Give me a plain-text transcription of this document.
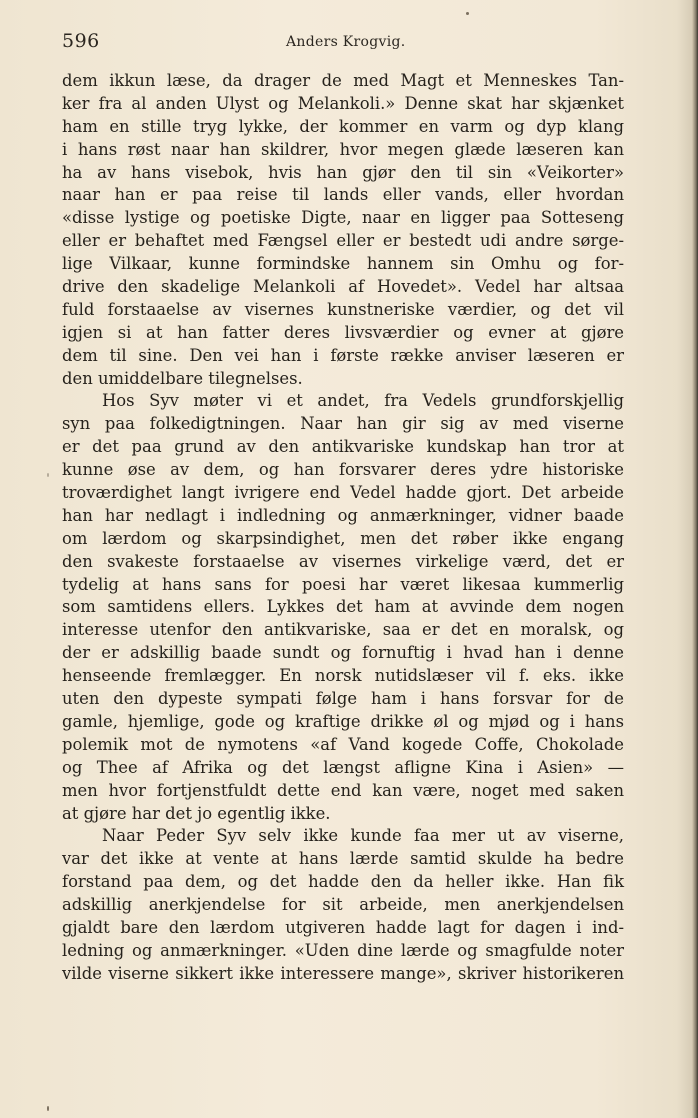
596	Anders Krogvig.
dem ikkun læse, da drager de med Magt et Menneskes Tan-
ker fra al anden Ulyst og Melankoli.» Denne skat har skjænket
ham en stille tryg lykke, der kommer en varm og dyp klang
i hans røst naar han skildrer, hvor megen glæde læseren kan
ha av hans visebok, hvis han gjør den til sin «Veikorter»
naar han er paa reise til lands eller vands, eller hvordan
«disse lystige og poetiske Digte, naar en ligger paa Sotteseng
eller er behaftet med Fængsel eller er bestedt udi andre sørge-
lige Vilkaar, kunne formindske hannem sin Omhu og for-
drive den skadelige Melankoli af Hovedet». Vedel har altsaa
fuld forstaaelse av visernes kunstneriske værdier, og det vil
igjen si at han fatter deres livsværdier og evner at gjøre
dem til sine. Den vei han i første række anviser læseren er
den umiddelbare tilegnelses.
Hos Syv møter vi et andet, fra Vedels grundforskjellig
syn paa folkedigtningen. Naar han gir sig av med viserne
er det paa grund av den antikvariske kundskap han tror at
kunne øse av dem, og han forsvarer deres ydre historiske
troværdighet langt ivrigere end Vedel hadde gjort. Det arbeide
han har nedlagt i indledning og anmærkninger, vidner baade
om lærdom og skarpsindighet, men det røber ikke engang
den svakeste forstaaelse av visernes virkelige værd, det er
tydelig at hans sans for poesi har været likesaa kummerlig
som samtidens ellers. Lykkes det ham at avvinde dem nogen
interesse utenfor den antikvariske, saa er det en moralsk, og
der er adskillig baade sundt og fornuftig i hvad han i denne
henseende fremlægger. En norsk nutidslæser vil f. eks. ikke
uten den dypeste sympati følge ham i hans forsvar for de
gamle, hjemlige, gode og kraftige drikke øl og mjød og i hans
polemik mot de nymotens «af Vand kogede Coffe, Chokolade
og Thee af Afrika og det længst afligne Kina i Asien» —
men hvor fortjenstfuldt dette end kan være, noget med saken
at gjøre har det jo egentlig ikke.
Naar Peder Syv selv ikke kunde faa mer ut av viserne,
var det ikke at vente at hans lærde samtid skulde ha bedre
forstand paa dem, og det hadde den da heller ikke. Han fik
adskillig anerkjendelse for sit arbeide, men anerkjendelsen
gjaldt bare den lærdom utgiveren hadde lagt for dagen i ind-
ledning og anmærkninger. «Uden dine lærde og smagfulde noter
vilde viserne sikkert ikke interessere mange», skriver historikeren
